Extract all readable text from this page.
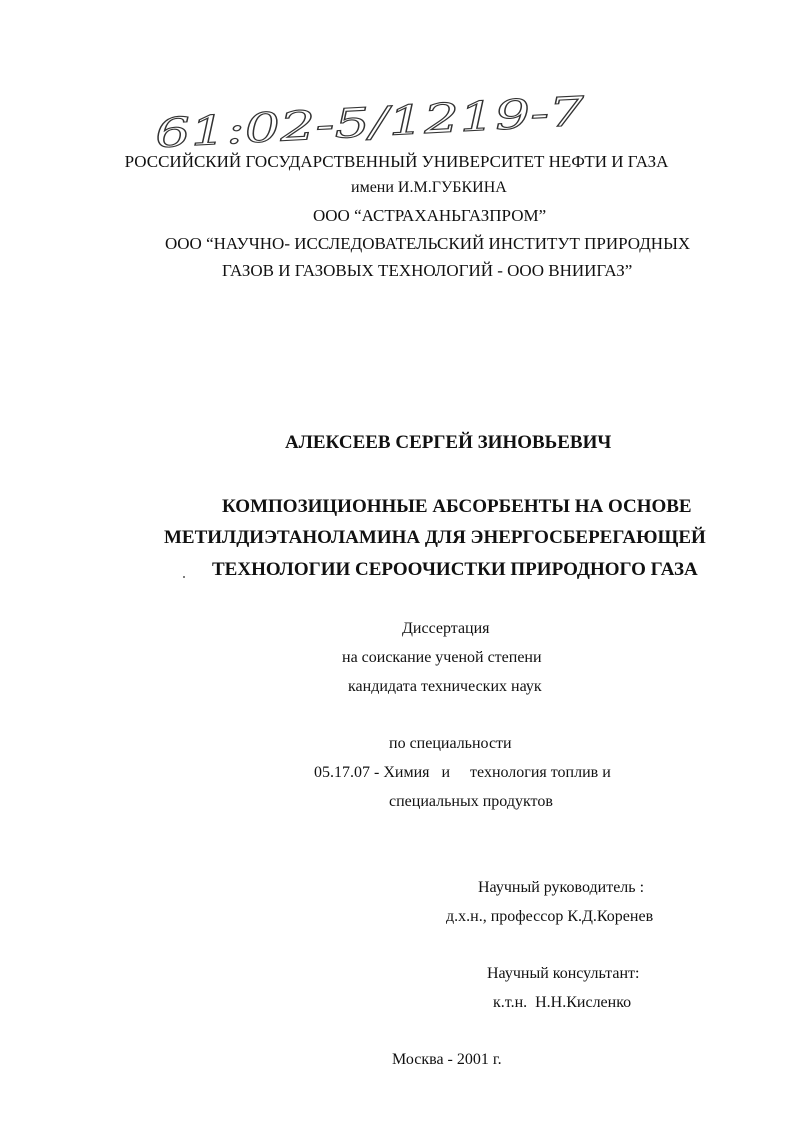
61:02-5/1219-7
РОССИЙСКИЙ ГОСУДАРСТВЕННЫЙ УНИВЕРСИТЕТ НЕФТИ И ГАЗА
имени И.М.ГУБКИНА
ООО “АСТРАХАНЬГАЗПРОМ”
ООО “НАУЧНО- ИССЛЕДОВАТЕЛЬСКИЙ ИНСТИТУТ ПРИРОДНЫХ
ГАЗОВ И ГАЗОВЫХ ТЕХНОЛОГИЙ - ООО ВНИИГАЗ”
АЛЕКСЕЕВ СЕРГЕЙ ЗИНОВЬЕВИЧ
КОМПОЗИЦИОННЫЕ АБСОРБЕНТЫ НА ОСНОВЕ
МЕТИЛДИЭТАНОЛАМИНА ДЛЯ ЭНЕРГОСБЕРЕГАЮЩЕЙ
ТЕХНОЛОГИИ СЕРООЧИСТКИ ПРИРОДНОГО ГАЗА
Диссертация
на соискание ученой степени
кандидата технических наук
по специальности
05.17.07 - Химия   и     технология топлив и
специальных продуктов
Научный руководитель :
д.х.н., профессор К.Д.Коренев
Научный консультант:
к.т.н.  Н.Н.Кисленко
Москва - 2001 г.
